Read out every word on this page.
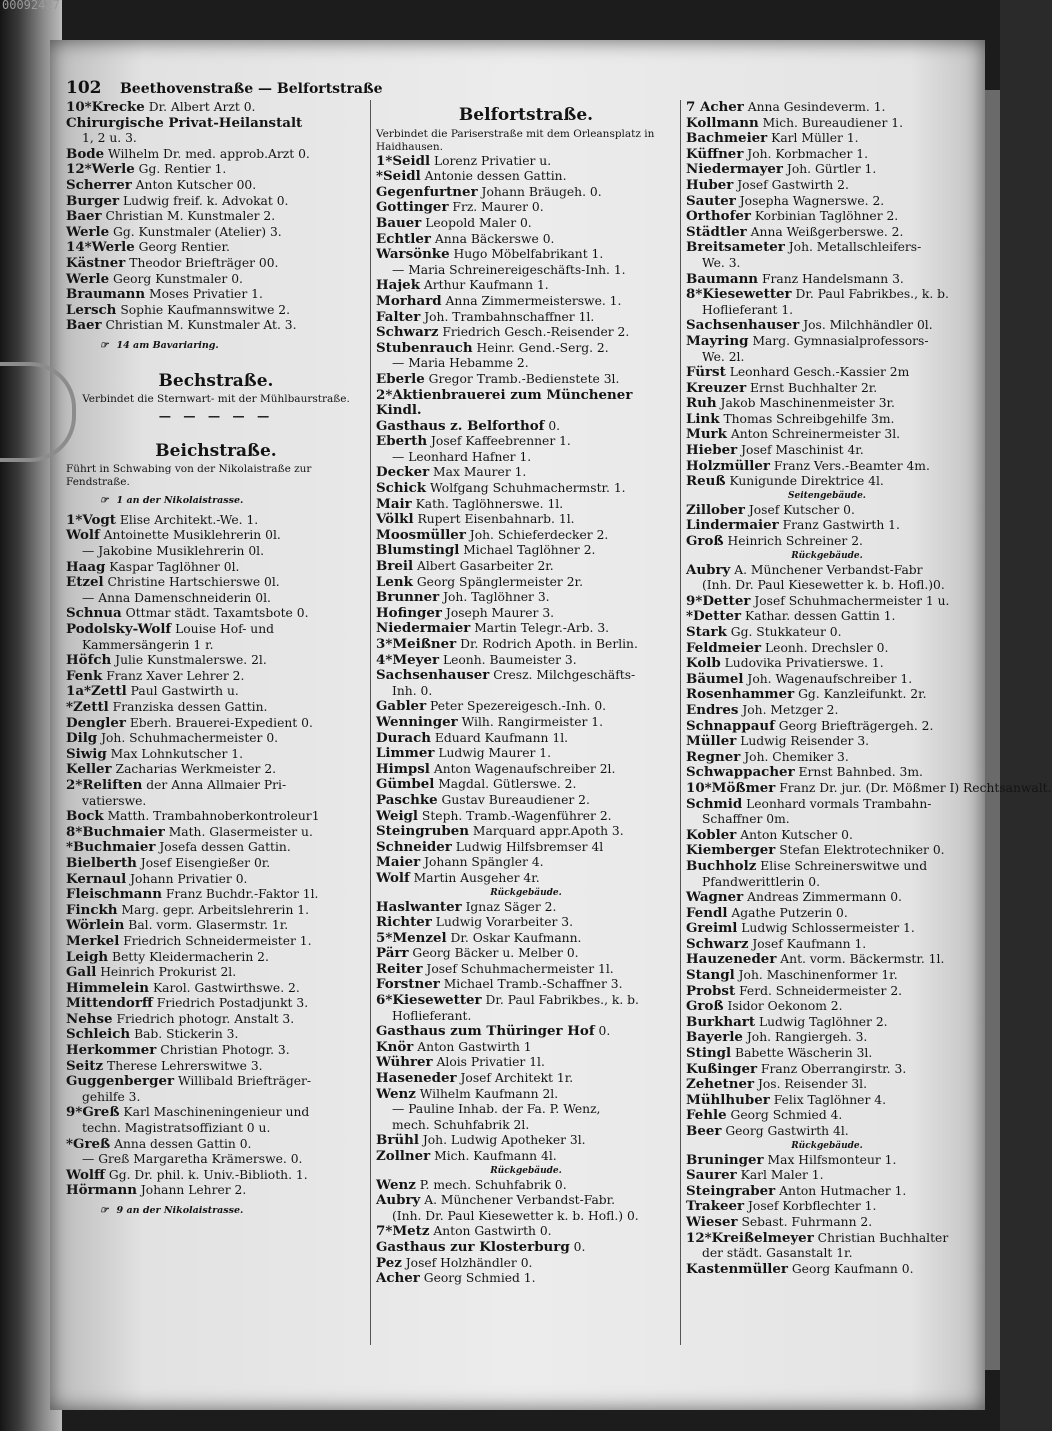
00092427
102 Beethovenstraße — Belfortstraße
10*Krecke Dr. Albert Arzt 0.
Chirurgische Privat-Heilanstalt
1, 2 u. 3.
Bode Wilhelm Dr. med. approb.Arzt 0.
12*Werle Gg. Rentier 1.
Scherrer Anton Kutscher 00.
Burger Ludwig freif. k. Advokat 0.
Baer Christian M. Kunstmaler 2.
Werle Gg. Kunstmaler (Atelier) 3.
14*Werle Georg Rentier.
Kästner Theodor Briefträger 00.
Werle Georg Kunstmaler 0.
Braumann Moses Privatier 1.
Lersch Sophie Kaufmannswitwe 2.
Baer Christian M. Kunstmaler At. 3.
☞ 14 am Bavariaring.
Bechstraße.
Verbindet die Sternwart- mit der Mühlbaurstraße.
— — — — —
Beichstraße.
Führt in Schwabing von der Nikolaistraße zur Fendstraße.
☞ 1 an der Nikolaistrasse.
1*Vogt Elise Architekt.-We. 1.
Wolf Antoinette Musiklehrerin 0l.
— Jakobine Musiklehrerin 0l.
Haag Kaspar Taglöhner 0l.
Etzel Christine Hartschierswe 0l.
— Anna Damenschneiderin 0l.
Schnua Ottmar städt. Taxamtsbote 0.
Podolsky-Wolf Louise Hof- und
Kammersängerin 1 r.
Höfch Julie Kunstmalerswe. 2l.
Fenk Franz Xaver Lehrer 2.
1a*Zettl Paul Gastwirth u.
*Zettl Franziska dessen Gattin.
Dengler Eberh. Brauerei-Expedient 0.
Dilg Joh. Schuhmachermeister 0.
Siwig Max Lohnkutscher 1.
Keller Zacharias Werkmeister 2.
2*Reliften der Anna Allmaier Pri-
vatierswe.
Bock Matth. Trambahnoberkontroleur1
8*Buchmaier Math. Glasermeister u.
*Buchmaier Josefa dessen Gattin.
Bielberth Josef Eisengießer 0r.
Kernaul Johann Privatier 0.
Fleischmann Franz Buchdr.-Faktor 1l.
Finckh Marg. gepr. Arbeitslehrerin 1.
Wörlein Bal. vorm. Glasermstr. 1r.
Merkel Friedrich Schneidermeister 1.
Leigh Betty Kleidermacherin 2.
Gall Heinrich Prokurist 2l.
Himmelein Karol. Gastwirthswe. 2.
Mittendorff Friedrich Postadjunkt 3.
Nehse Friedrich photogr. Anstalt 3.
Schleich Bab. Stickerin 3.
Herkommer Christian Photogr. 3.
Seitz Therese Lehrerswitwe 3.
Guggenberger Willibald Briefträger-
gehilfe 3.
9*Greß Karl Maschineningenieur und
techn. Magistratsoffiziant 0 u.
*Greß Anna dessen Gattin 0.
— Greß Margaretha Krämerswe. 0.
Wolff Gg. Dr. phil. k. Univ.-Biblioth. 1.
Hörmann Johann Lehrer 2.
☞ 9 an der Nikolaistrasse.
Belfortstraße.
Verbindet die Pariserstraße mit dem Orleansplatz in Haidhausen.
1*Seidl Lorenz Privatier u.
*Seidl Antonie dessen Gattin.
Gegenfurtner Johann Bräugeh. 0.
Gottinger Frz. Maurer 0.
Bauer Leopold Maler 0.
Echtler Anna Bäckerswe 0.
Warsönke Hugo Möbelfabrikant 1.
— Maria Schreinereigeschäfts-Inh. 1.
Hajek Arthur Kaufmann 1.
Morhard Anna Zimmermeisterswe. 1.
Falter Joh. Trambahnschaffner 1l.
Schwarz Friedrich Gesch.-Reisender 2.
Stubenrauch Heinr. Gend.-Serg. 2.
— Maria Hebamme 2.
Eberle Gregor Tramb.-Bedienstete 3l.
2*Aktienbrauerei zum Münchener
Kindl.
Gasthaus z. Belforthof 0.
Eberth Josef Kaffeebrenner 1.
— Leonhard Hafner 1.
Decker Max Maurer 1.
Schick Wolfgang Schuhmachermstr. 1.
Mair Kath. Taglöhnerswe. 1l.
Völkl Rupert Eisenbahnarb. 1l.
Moosmüller Joh. Schieferdecker 2.
Blumstingl Michael Taglöhner 2.
Breil Albert Gasarbeiter 2r.
Lenk Georg Spänglermeister 2r.
Brunner Joh. Taglöhner 3.
Hofinger Joseph Maurer 3.
Niedermaier Martin Telegr.-Arb. 3.
3*Meißner Dr. Rodrich Apoth. in Berlin.
4*Meyer Leonh. Baumeister 3.
Sachsenhauser Cresz. Milchgeschäfts-
Inh. 0.
Gabler Peter Spezereigesch.-Inh. 0.
Wenninger Wilh. Rangirmeister 1.
Durach Eduard Kaufmann 1l.
Limmer Ludwig Maurer 1.
Himpsl Anton Wagenaufschreiber 2l.
Gümbel Magdal. Gütlerswe. 2.
Paschke Gustav Bureaudiener 2.
Weigl Steph. Tramb.-Wagenführer 2.
Steingruben Marquard appr.Apoth 3.
Schneider Ludwig Hilfsbremser 4l
Maier Johann Spängler 4.
Wolf Martin Ausgeher 4r.
Rückgebäude.
Haslwanter Ignaz Säger 2.
Richter Ludwig Vorarbeiter 3.
5*Menzel Dr. Oskar Kaufmann.
Pärr Georg Bäcker u. Melber 0.
Reiter Josef Schuhmachermeister 1l.
Forstner Michael Tramb.-Schaffner 3.
6*Kiesewetter Dr. Paul Fabrikbes., k. b.
Hoflieferant.
Gasthaus zum Thüringer Hof 0.
Knör Anton Gastwirth 1
Wührer Alois Privatier 1l.
Haseneder Josef Architekt 1r.
Wenz Wilhelm Kaufmann 2l.
— Pauline Inhab. der Fa. P. Wenz,
mech. Schuhfabrik 2l.
Brühl Joh. Ludwig Apotheker 3l.
Zollner Mich. Kaufmann 4l.
Rückgebäude.
Wenz P. mech. Schuhfabrik 0.
Aubry A. Münchener Verbandst-Fabr.
(Inh. Dr. Paul Kiesewetter k. b. Hofl.) 0.
7*Metz Anton Gastwirth 0.
Gasthaus zur Klosterburg 0.
Pez Josef Holzhändler 0.
Acher Georg Schmied 1.
7 Acher Anna Gesindeverm. 1.
Kollmann Mich. Bureaudiener 1.
Bachmeier Karl Müller 1.
Küffner Joh. Korbmacher 1.
Niedermayer Joh. Gürtler 1.
Huber Josef Gastwirth 2.
Sauter Josepha Wagnerswe. 2.
Orthofer Korbinian Taglöhner 2.
Städtler Anna Weißgerberswe. 2.
Breitsameter Joh. Metallschleifers-
We. 3.
Baumann Franz Handelsmann 3.
8*Kiesewetter Dr. Paul Fabrikbes., k. b.
Hoflieferant 1.
Sachsenhauser Jos. Milchhändler 0l.
Mayring Marg. Gymnasialprofessors-
We. 2l.
Fürst Leonhard Gesch.-Kassier 2m
Kreuzer Ernst Buchhalter 2r.
Ruh Jakob Maschinenmeister 3r.
Link Thomas Schreibgehilfe 3m.
Murk Anton Schreinermeister 3l.
Hieber Josef Maschinist 4r.
Holzmüller Franz Vers.-Beamter 4m.
Reuß Kunigunde Direktrice 4l.
Seitengebäude.
Zillober Josef Kutscher 0.
Lindermaier Franz Gastwirth 1.
Groß Heinrich Schreiner 2.
Rückgebäude.
Aubry A. Münchener Verbandst-Fabr
(Inh. Dr. Paul Kiesewetter k. b. Hofl.)0.
9*Detter Josef Schuhmachermeister 1 u.
*Detter Kathar. dessen Gattin 1.
Stark Gg. Stukkateur 0.
Feldmeier Leonh. Drechsler 0.
Kolb Ludovika Privatierswe. 1.
Bäumel Joh. Wagenaufschreiber 1.
Rosenhammer Gg. Kanzleifunkt. 2r.
Endres Joh. Metzger 2.
Schnappauf Georg Briefträgergeh. 2.
Müller Ludwig Reisender 3.
Regner Joh. Chemiker 3.
Schwappacher Ernst Bahnbed. 3m.
10*Mößmer Franz Dr. jur. (Dr. Mößmer I) Rechtsanwalt.
Schmid Leonhard vormals Trambahn-
Schaffner 0m.
Kobler Anton Kutscher 0.
Kiemberger Stefan Elektrotechniker 0.
Buchholz Elise Schreinerswitwe und
Pfandwerittlerin 0.
Wagner Andreas Zimmermann 0.
Fendl Agathe Putzerin 0.
Greiml Ludwig Schlossermeister 1.
Schwarz Josef Kaufmann 1.
Hauzeneder Ant. vorm. Bäckermstr. 1l.
Stangl Joh. Maschinenformer 1r.
Probst Ferd. Schneidermeister 2.
Groß Isidor Oekonom 2.
Burkhart Ludwig Taglöhner 2.
Bayerle Joh. Rangiergeh. 3.
Stingl Babette Wäscherin 3l.
Kußinger Franz Oberrangirstr. 3.
Zehetner Jos. Reisender 3l.
Mühlhuber Felix Taglöhner 4.
Fehle Georg Schmied 4.
Beer Georg Gastwirth 4l.
Rückgebäude.
Bruninger Max Hilfsmonteur 1.
Saurer Karl Maler 1.
Steingraber Anton Hutmacher 1.
Trakeer Josef Korbflechter 1.
Wieser Sebast. Fuhrmann 2.
12*Kreißelmeyer Christian Buchhalter
der städt. Gasanstalt 1r.
Kastenmüller Georg Kaufmann 0.
